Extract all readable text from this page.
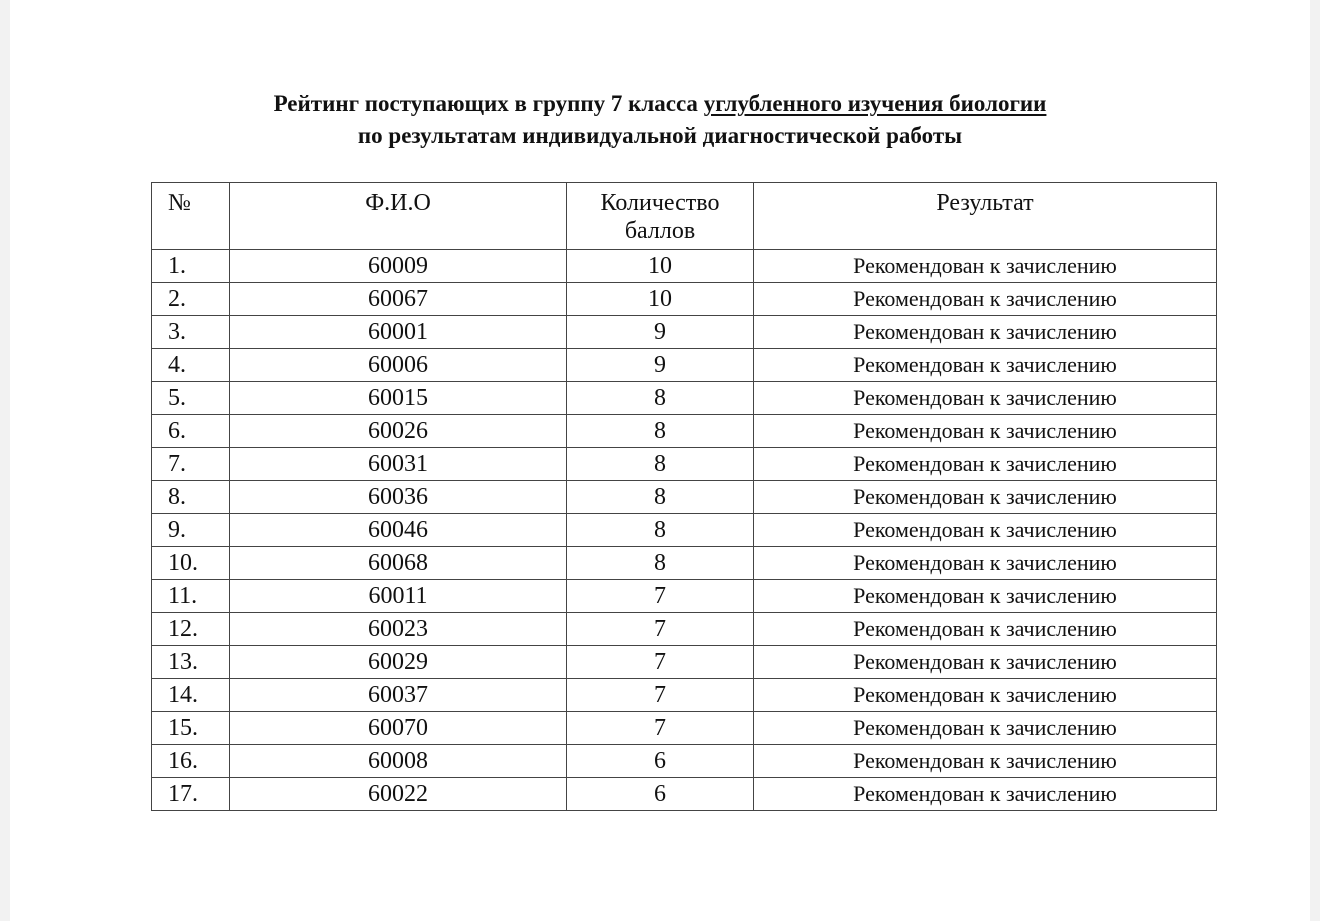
Рейтинг поступающих в группу 7 класса углубленного изучения биологии
по результатам индивидуальной диагностической работы
№	Ф.И.О	Количество баллов	Результат
1.	60009	10	Рекомендован к зачислению
2.	60067	10	Рекомендован к зачислению
3.	60001	9	Рекомендован к зачислению
4.	60006	9	Рекомендован к зачислению
5.	60015	8	Рекомендован к зачислению
6.	60026	8	Рекомендован к зачислению
7.	60031	8	Рекомендован к зачислению
8.	60036	8	Рекомендован к зачислению
9.	60046	8	Рекомендован к зачислению
10.	60068	8	Рекомендован к зачислению
11.	60011	7	Рекомендован к зачислению
12.	60023	7	Рекомендован к зачислению
13.	60029	7	Рекомендован к зачислению
14.	60037	7	Рекомендован к зачислению
15.	60070	7	Рекомендован к зачислению
16.	60008	6	Рекомендован к зачислению
17.	60022	6	Рекомендован к зачислению
